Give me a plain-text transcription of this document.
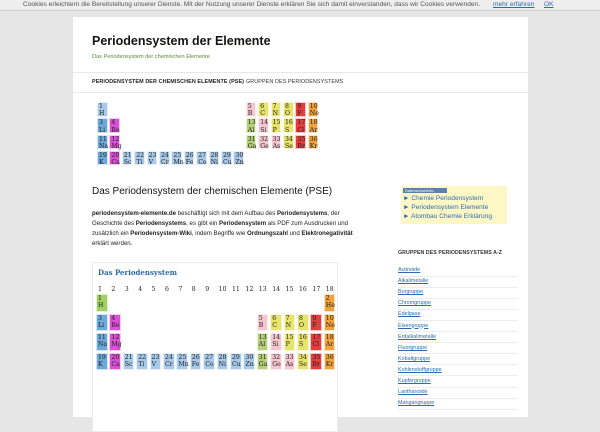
Cookies erleichtern die Bereitstellung unserer Dienste. Mit der Nutzung unserer Dienste erklären Sie sich damit einverstanden, dass wir Cookies verwenden. mehr erfahren OK
Periodensystem der Elemente
Das Periodensystem der chemischen Elemente
PERIODENSYSTEM DER CHEMISCHEN ELEMENTE (PSE) GRUPPEN DES PERIODENSYSTEMS
1
H
3
Li
4
Be
11
Na
12
Mg
19
K
20
Ca
21
Sc
22
Ti
23
V
24
Cr
25
Mn
26
Fe
27
Co
28
Ni
29
Cu
30
Zn
5
B
6
C
7
N
8
O
9
F
10
Ne
13
Al
14
Si
15
P
16
S
17
Cl
18
Ar
31
Ga
32
Ge
33
As
34
Se
35
Br
36
Kr
Das Periodensystem der chemischen Elemente (PSE)
periodensystem-elemente.de beschäftigt sich mit dem Aufbau des Periodensystems, der Geschichte des Periodensystems, es gibt ein Periodensystem als PDF zum Ausdrucken und zusätzlich ein Periodensystem-Wiki, indem Begriffe wie Ordnungszahl und Elektronegativität erklärt werden.
Das Periodensystem
1 2 3 4 5 6 7 8 9 10 11 12 13 14 15 16 17 18
1
H
2
He
3
Li
4
Be
5
B
6
C
7
N
8
O
9
F
10
Ne
11
Na
12
Mg
13
Al
14
Si
15
P
16
S
17
Cl
18
Ar
19
K
20
Ca
21
Sc
22
Ti
23
V
24
Cr
25
Mn
26
Fe
27
Co
28
Ni
29
Cu
30
Zn
31
Ga
32
Ge
33
As
34
Se
35
Br
36
Kr
Datenschutzinfo
► Chemie Periodensystem
► Periodensystem Elemente
► Atombau Chemie Erklärung
GRUPPEN DES PERIODENSYSTEMS A-Z
Actinoide
Alkalimetalle
Borgruppe
Chromgruppe
Edelgase
Eisengruppe
Erdalkalimetalle
Fluorgruppe
Kobaltgruppe
Kohlenstoffgruppe
Kupfergruppe
Lanthanoide
Mangangruppe
